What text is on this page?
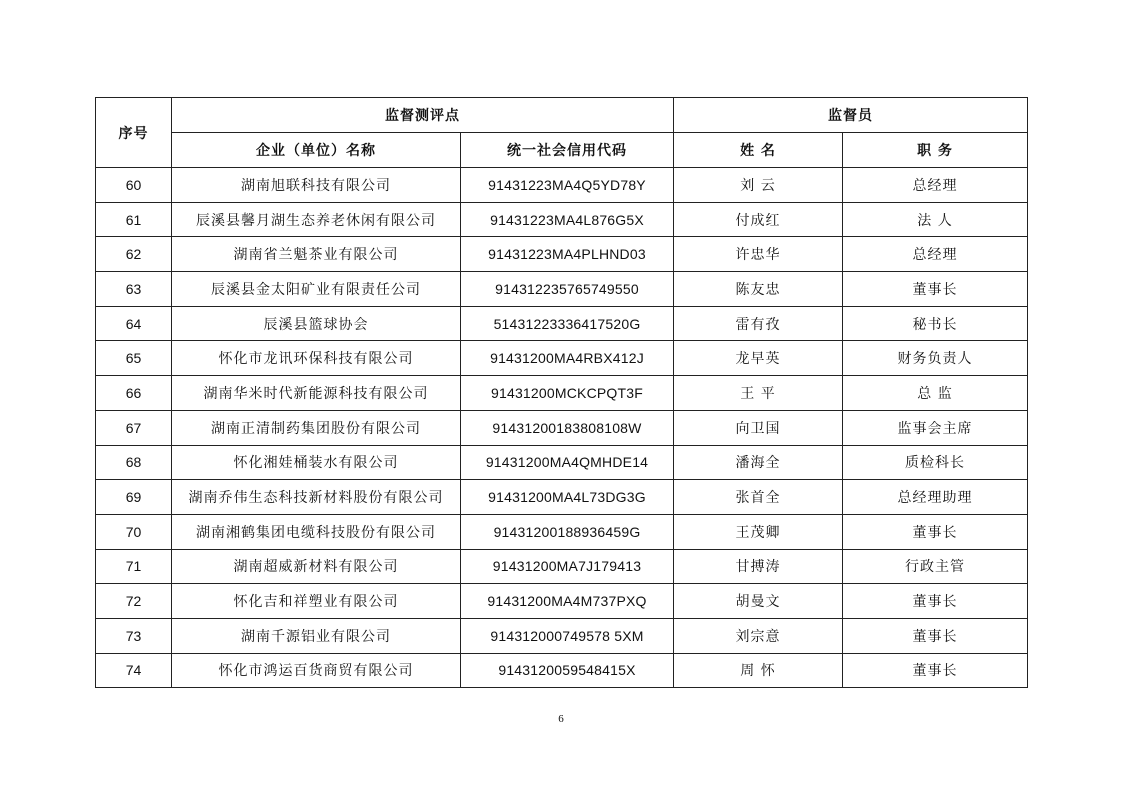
序号	监督测评点		监督员	
	企业（单位）名称	统一社会信用代码	姓 名	职 务
60	湖南旭联科技有限公司	91431223MA4Q5YD78Y	刘 云	总经理
61	辰溪县馨月湖生态养老休闲有限公司	91431223MA4L876G5X	付成红	法 人
62	湖南省兰魁茶业有限公司	91431223MA4PLHND03	许忠华	总经理
63	辰溪县金太阳矿业有限责任公司	914312235765749550	陈友忠	董事长
64	辰溪县篮球协会	51431223336417520G	雷有孜	秘书长
65	怀化市龙讯环保科技有限公司	91431200MA4RBX412J	龙早英	财务负责人
66	湖南华米时代新能源科技有限公司	91431200MCKCPQT3F	王 平	总 监
67	湖南正清制药集团股份有限公司	91431200183808108W	向卫国	监事会主席
68	怀化湘娃桶装水有限公司	91431200MA4QMHDE14	潘海全	质检科长
69	湖南乔伟生态科技新材料股份有限公司	91431200MA4L73DG3G	张首全	总经理助理
70	湖南湘鹤集团电缆科技股份有限公司	91431200188936459G	王茂卿	董事长
71	湖南超威新材料有限公司	91431200MA7J179413	甘搏涛	行政主管
72	怀化吉和祥塑业有限公司	91431200MA4M737PXQ	胡曼文	董事长
73	湖南千源铝业有限公司	914312000749578 5XM	刘宗意	董事长
74	怀化市鸿运百货商贸有限公司	9143120059548415X	周 怀	董事长
6
